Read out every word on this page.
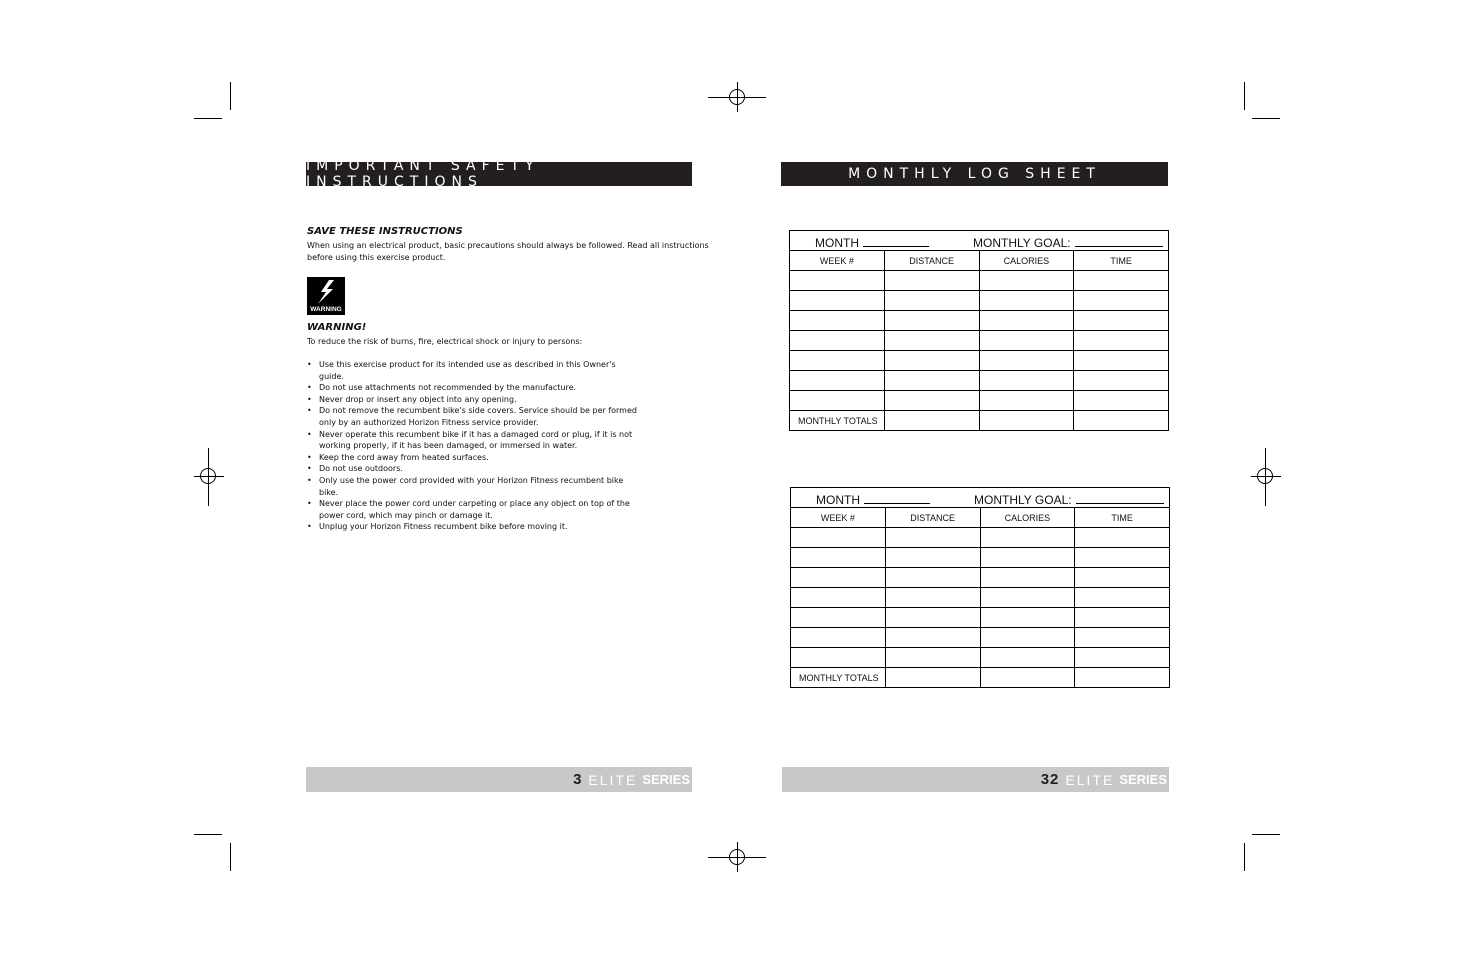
IMPORTANT SAFETY INSTRUCTIONS
SAVE THESE INSTRUCTIONS
When using an electrical product, basic precautions should always be followed. Read all instructions
before using this exercise product.
WARNING
WARNING!
To reduce the risk of burns, fire, electrical shock or injury to persons:
• Use this exercise product for its intended use as described in this Owner's guide.
• Do not use attachments not recommended by the manufacture.
• Never drop or insert any object into any opening.
• Do not remove the recumbent bike's side covers. Service should be per formed only by an authorized Horizon Fitness service provider.
• Never operate this recumbent bike if it has a damaged cord or plug, if it is not working properly, if it has been damaged, or immersed in water.
• Keep the cord away from heated surfaces.
• Do not use outdoors.
• Only use the power cord provided with your Horizon Fitness recumbent bike bike.
• Never place the power cord under carpeting or place any object on top of the power cord, which may pinch or damage it.
• Unplug your Horizon Fitness recumbent bike before moving it.
3 ELITE SERIES
MONTHLY LOG SHEET
MONTH MONTHLY GOAL:			

WEEK #	DISTANCE	CALORIES	TIME

MONTHLY TOTALS			
MONTH MONTHLY GOAL:			

WEEK #	DISTANCE	CALORIES	TIME

MONTHLY TOTALS			
32 ELITE SERIES
